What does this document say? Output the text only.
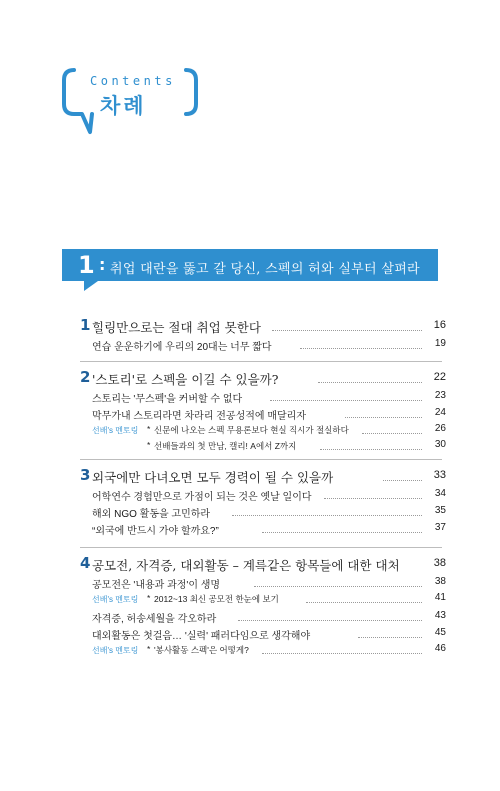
Contents
차례
1 : 취업 대란을 뚫고 갈 당신, 스펙의 허와 실부터 살펴라
1 힐링만으로는 절대 취업 못한다	16
연습 운운하기에 우리의 20대는 너무 짧다	19
2 '스토리'로 스펙을 이길 수 있을까?	22
스토리는 '무스펙'을 커버할 수 없다	23
막무가내 스토리라면 차라리 전공성적에 매달리자	24
선배's 멘토링 * 신문에 나오는 스펙 무용론보다 현실 직시가 절실하다	26
* 선배들과의 첫 만남, 캘리! A에서 Z까지	30
3 외국에만 다녀오면 모두 경력이 될 수 있을까	33
어학연수 경험만으로 가점이 되는 것은 옛날 일이다	34
해외 NGO 활동을 고민하라	35
“외국에 반드시 가야 할까요?”	37
4 공모전, 자격증, 대외활동 – 계륵같은 항목들에 대한 대처	38
공모전은 '내용과 과정'이 생명	38
선배's 멘토링 * 2012~13 최신 공모전 한눈에 보기	41
자격증, 허송세월을 각오하라	43
대외활동은 첫걸음… '실력' 패러다임으로 생각해야	45
선배's 멘토링 * '봉사활동 스펙'은 어떻게?	46
